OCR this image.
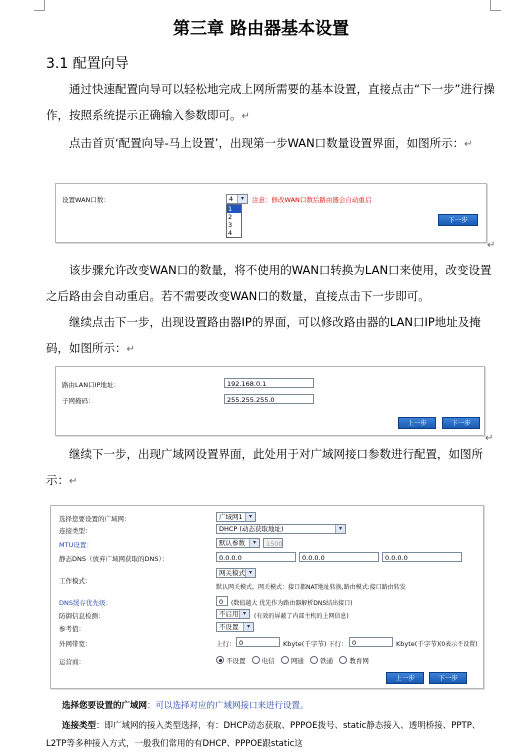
第三章 路由器基本设置
3.1 配置向导

通过快速配置向导可以轻松地完成上网所需要的基本设置，直接点击“下一步”进行操作，按照系统提示正确输入参数即可。↵

点击首页‘配置向导-马上设置’，出现第一步WAN口数量设置界面，如图所示：↵

设置WAN口数：	4	▾
1
2
3
4
注意：修改WAN口数后路由器会自动重启
下一步
↵

该步骤允许改变WAN口的数量，将不使用的WAN口转换为LAN口来使用，改变设置之后路由会自动重启。若不需要改变WAN口的数量，直接点击下一步即可。

继续点击下一步，出现设置路由器IP的界面，可以修改路由器的LAN口IP地址及掩码，如图所示：↵

路由LAN口IP地址：	192.168.0.1
子网掩码：	255.255.255.0
上一步	下一步
↵

继续下一步，出现广域网设置界面，此处用于对广域网接口参数进行配置，如图所示：↵

选择您要设置的广域网：	广域网1	▾
连接类型：	DHCP (动态获取地址)	▾
MTU设置：	默认参数	▾	1500
静态DNS（放弃广域网获取的DNS）：	0.0.0.0	0.0.0.0	0.0.0.0
工作模式：
网关模式 ▾
默认网关模式。网关模式：接口都NAT地址转换,路由模式:接口路由转发
DNS缓存优先级：	0	(数值越大 优先作为路由器解析DNS结出接口)
防御信息检测：	不启用 ▾	(有效的屏蔽了内部主机的上网信息)
参考值：	不设置	▾
外网带宽：	上行： 0	Kbyte(千字节) 下行： 0	Kbyte(千字节) (0表示不设置)
运营商：	不设置 电信 网通 铁通 教育网
上一步	下一步
选择您要设置的广域网：可以选择对应的广域网接口来进行设置。
连接类型：即广域网的接入类型选择，有：DHCP动态获取、PPPOE拨号、static静态接入、透明桥接、PPTP、L2TP等多种接入方式，一般我们常用的有DHCP、PPPOE跟static这
